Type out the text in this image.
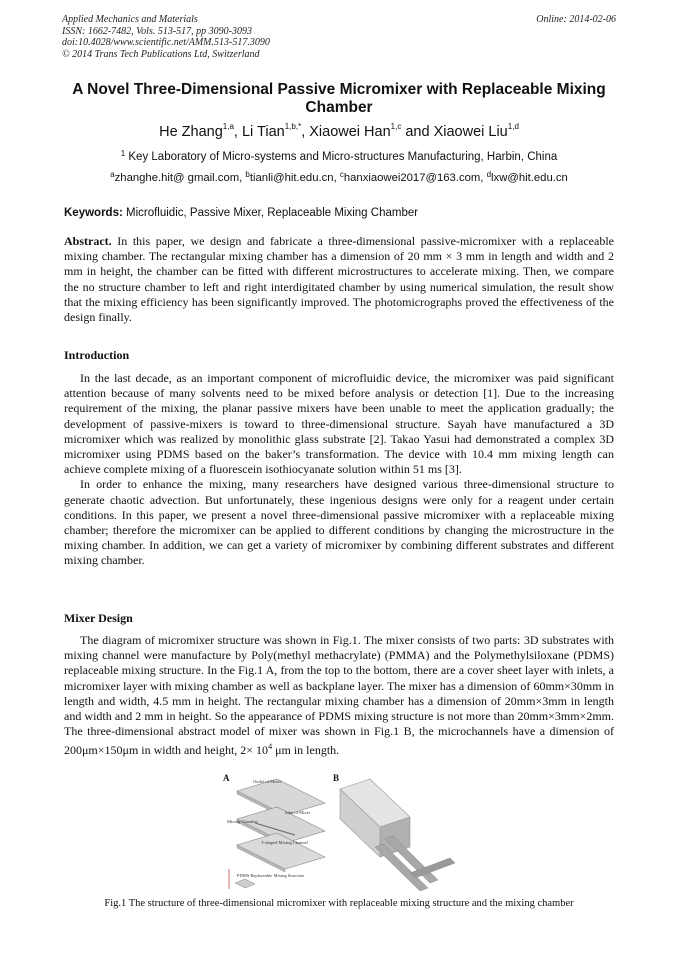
Applied Mechanics and Materials
ISSN: 1662-7482, Vols. 513-517, pp 3090-3093
doi:10.4028/www.scientific.net/AMM.513-517.3090
© 2014 Trans Tech Publications Ltd, Switzerland
Online: 2014-02-06
A Novel Three-Dimensional Passive Micromixer with Replaceable Mixing
Chamber
He Zhang$^{1,a}$, Li Tian$^{1,b,*}$, Xiaowei Han$^{1,c}$ and Xiaowei Liu$^{1,d}$
$^1$ Key Laboratory of Micro-systems and Micro-structures Manufacturing, Harbin, China
$^a$zhanghe.hit@ gmail.com, $^b$tianli@hit.edu.cn, $^c$hanxiaowei2017@163.com, $^d$lxw@hit.edu.cn
Keywords: Microfluidic, Passive Mixer, Replaceable Mixing Chamber

Abstract. In this paper, we design and fabricate a three-dimensional passive-micromixer with a replaceable mixing chamber. The rectangular mixing chamber has a dimension of 20 mm × 3 mm in length and width and 2 mm in height, the chamber can be fitted with different microstructures to accelerate mixing. Then, we compare the no structure chamber to left and right interdigitated chamber by using numerical simulation, the result show that the mixing efficiency has been significantly improved. The photomicrographs proved the effectiveness of the design finally.

Introduction

In the last decade, as an important component of microfluidic device, the micromixer was paid significant attention because of many solvents need to be mixed before analysis or detection [1]. Due to the increasing requirement of the mixing, the planar passive mixers have been unable to meet the application gradually; the development of passive-mixers is toward to three-dimensional structure. Sayah have manufactured a 3D micromixer which was realized by monolithic glass substrate [2]. Takao Yasui had demonstrated a complex 3D micromixer using PDMS based on the baker’s transformation. The device with 10.4 mm mixing length can achieve complete mixing of a fluorescein isothiocyanate solution within 51 ms [3].

In order to enhance the mixing, many researchers have designed various three-dimensional structure to generate chaotic advection. But unfortunately, these ingenious designs were only for a reagent under certain conditions. In this paper, we present a novel three-dimensional passive micromixer with a replaceable mixing chamber; therefore the micromixer can be applied to different conditions by changing the microstructure in the mixing chamber. In addition, we can get a variety of micromixer by combining different substrates and different mixing chamber.

Mixer Design

The diagram of micromixer structure was shown in Fig.1. The mixer consists of two parts: 3D substrates with mixing channel were manufacture by Poly(methyl methacrylate) (PMMA) and the Polymethylsiloxane (PDMS) replaceable mixing structure. In the Fig.1 A, from the top to the bottom, there are a cover sheet layer with inlets, a micromixer layer with mixing chamber as well as backplane layer. The mixer has a dimension of 60mm×30mm in length and width, 4.5 mm in height. The rectangular mixing chamber has a dimension of 20mm×3mm in length and width and 2 mm in height. So the appearance of PDMS mixing structure is not more than 20mm×3mm×2mm. The three-dimensional abstract model of mixer was shown in Fig.1 B, the microchannels have a dimension of 200μm×150μm in width and height, $2\times 10^4$ μm in length.

A	Outlet of Mixer
Inlet of Mixer
Mixing Chamber
T-shaped Mixing Channel
PDMS Replaceable Mixing Structure
B
Fig.1 The structure of three-dimensional micromixer with replaceable mixing structure and the mixing chamber
